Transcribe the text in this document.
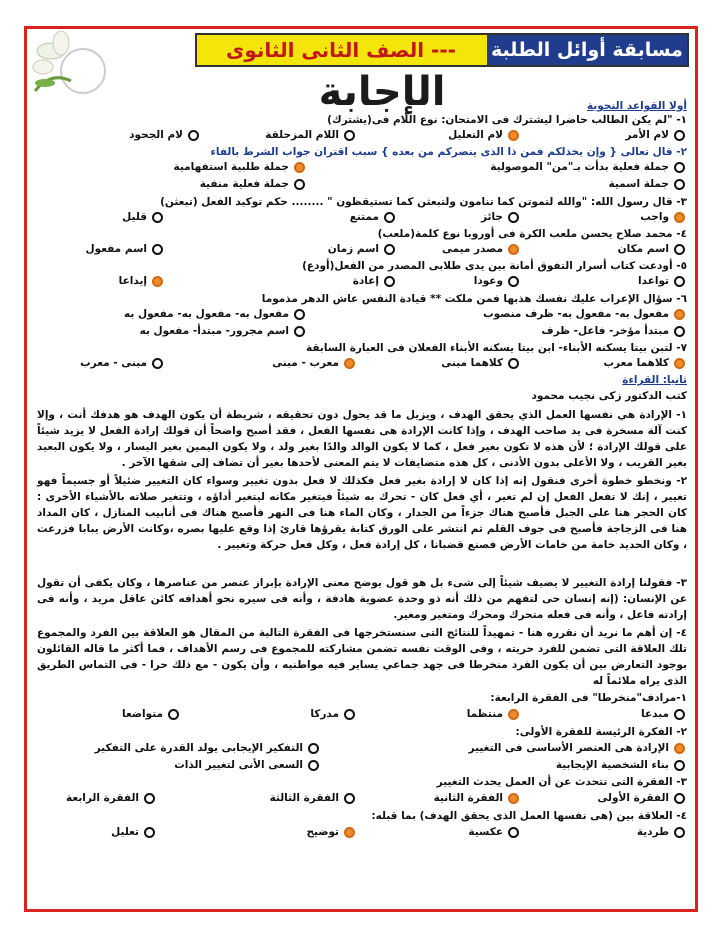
مسابقة أوائل الطلبة
--- الصف الثانى الثانوى
الإجابة	أولا القواعد النحوية
١- "لم يكن الطالب حاضرا ليشترك فى الامتحان: نوع اللام فى(يشترك)
لام الأمر
لام التعليل
اللام المزحلقة
لام الجحود
٢- قال تعالى { وإن يخذلكم فمن ذا الذى ينصركم من بعده } سبب اقتران جواب الشرط بالفاء
جملة فعلية بدأت بـ"من" الموصولية
جملة طلبية استفهامية
جملة اسمية
جملة فعلية منفية
٣- قال رسول الله: "والله لتموتن كما تنامون ولتبعثن كما تستيقظون " ........ حكم توكيد الفعل (تبعثن)
واجب
جائز
ممتنع
قليل
٤- محمد صلاح يحسن ملعب الكرة فى أوروبا نوع كلمة(ملعب)
اسم مكان
مصدر ميمى
اسم زمان
اسم مفعول
٥- أودعت كتاب أسرار التفوق أمانة بين يدى طلابى المصدر من الفعل(أودع)
تواعدا
وعودا
إعادة
إيداعا
٦- سؤال الإعراب عليك نفسك هذبها فمن ملكت ** قيادة النفس عاش الدهر مذموما
مفعول به- مفعول به- ظرف منصوب
مفعول به- مفعول به- مفعول به
مبتدأ مؤخر- فاعل- ظرف
اسم مجرور- مبتدأ- مفعول به
٧- لتبن بيتا يسكنه الأبناء- ابن بيتا يسكنه الأبناء الفعلان فى العبارة السابقة
كلاهما معرب
كلاهما مبنى
معرب - مبنى
مبنى - معرب
ثانيا: القراءة
كتب الدكتور زكى نجيب محمود
١- الإرادة هي نفسها العمل الذي يحقق الهدف ، ويزيل ما قد يحول دون تحقيقه ، شريطة أن يكون الهدف هو هدفك أنت ، وإلا كنت آلة مسخرة فى يد صاحب الهدف ، وإذا كانت الإرادة هى نفسها الفعل ، فقد أصبح واضحاً أن قولك إرادة الفعل لا يزيد شيئاً على قولك الإرادة ؛ لأن هذه لا تكون بغير فعل ، كما لا يكون الوالد والدًا بغير ولد ، ولا يكون اليمين بغير اليسار ، ولا يكون البعيد بغير القريب ، ولا الأعلى بدون الأدنى ، كل هذه متضايفات لا يتم المعنى لأحدها بغير أن تضاف إلى شقها الآخر .
٢- ونخطو خطوة أخرى فنقول إنه إذا كان لا إرادة بغير فعل فكذلك لا فعل بدون تغيير وسواء كان التغيير ضئيلاً أو جسيماً فهو تغيير ، إنك لا تفعل الفعل إن لم تغير ، أي فعل كان - تحرك به شيئاً فيتغير مكانه ليتغير أداؤه ، وتتغير صلاته بالأشياء الأخرى : كان الحجر هنا على الجبل فأصبح هناك جزءاً من الجدار ، وكان الماء هنا فى النهر فأصبح هناك فى أنابيب المنازل ، كان المداد هنا فى الزجاجة فأصبح فى جوف القلم ثم انتشر على الورق كتابة يقرؤها قارئ إذا وقع عليها بصره ،وكانت الأرض يبابا فزرعت ، وكان الحديد خامة من خامات الأرض فصنع قضبانا ، كل إرادة فعل ، وكل فعل حركة وتغيير .
٣- فقولنا إرادة التغيير لا يضيف شيئاً إلى شىء بل هو قول يوضح معنى الإرادة بإبراز عنصر من عناصرها ، وكان يكفى أن تقول عن الإنسان: (إنه إنسان حى لتفهم من ذلك أنه ذو وحدة عضوية هادفة ، وأنه فى سيره نحو أهدافه كائن عاقل مريد ، وأنه فى إرادته فاعل ، وأنه فى فعله متحرك ومحرك ومتغير ومغير.
٤- إن أهم ما نريد أن نقرره هنا - تمهيداً للنتائج التى سنستخرجها فى الفقرة التالية من المقال هو العلاقة بين الفرد والمجموع تلك العلاقة التى تضمن للفرد حريته ، وفى الوقت نفسه تضمن مشاركته للمجموع فى رسم الأهداف ، فما أكثر ما قاله القائلون بوجود التعارض بين أن يكون الفرد منخرطا فى جهد جماعي يساير فيه مواطنيه ، وأن يكون - مع ذلك حرا - فى التماس الطريق الذى يراه ملائماً له
١-مرادف"منخرطا" فى الفقرة الرابعة:
مبدعا
منتظما
مدركا
متواضعا
٢- الفكرة الرئيسة للفقرة الأولى:
الإرادة هى العنصر الأساسى فى التغيير
التفكير الإيجابى يولد القدرة على التفكير
بناء الشخصية الإيجابية
السعى الأنى لتغيير الذات
٣- الفقرة التى تتحدث عن أن العمل يحدث التغيير
الفقرة الأولى
الفقرة الثانية
الفقرة الثالثة
الفقرة الرابعة
٤- العلاقة بين (هى نفسها العمل الذى يحقق الهدف) بما قبله:
طردية
عكسية
توضيح
تعليل
